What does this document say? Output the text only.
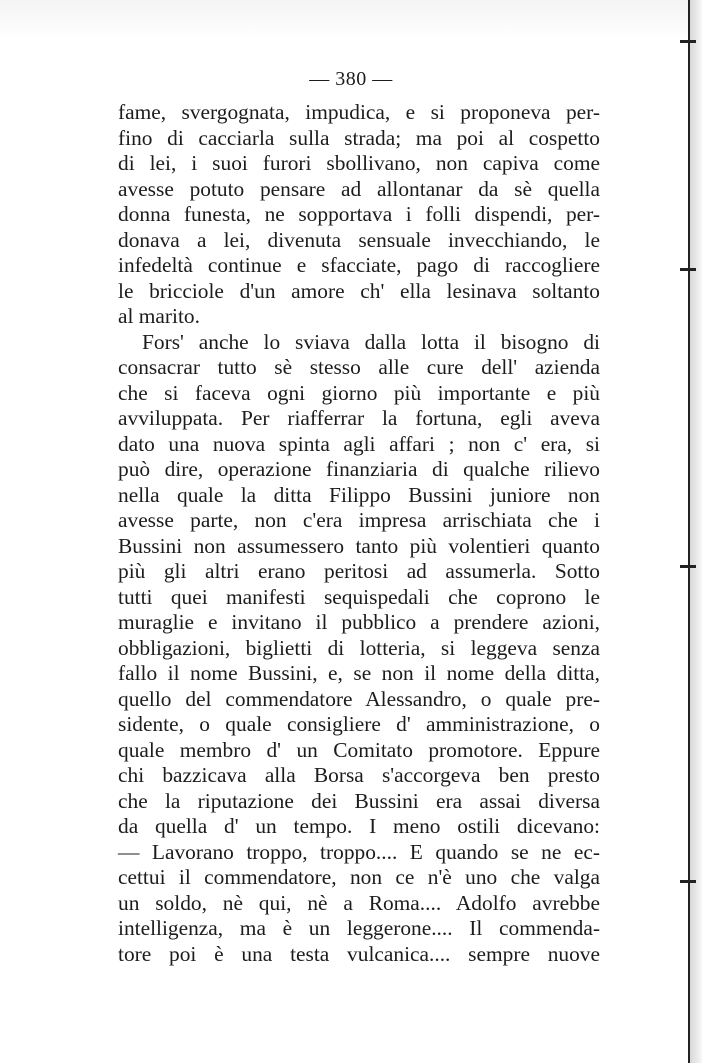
— 380 —
fame, svergognata, impudica, e si proponeva per-
fino di cacciarla sulla strada; ma poi al cospetto
di lei, i suoi furori sbollivano, non capiva come
avesse potuto pensare ad allontanar da sè quella
donna funesta, ne sopportava i folli dispendi, per-
donava a lei, divenuta sensuale invecchiando, le
infedeltà continue e sfacciate, pago di raccogliere
le bricciole d'un amore ch' ella lesinava soltanto
al marito.
Fors' anche lo sviava dalla lotta il bisogno di
consacrar tutto sè stesso alle cure dell' azienda
che si faceva ogni giorno più importante e più
avviluppata. Per riafferrar la fortuna, egli aveva
dato una nuova spinta agli affari ; non c' era, si
può dire, operazione finanziaria di qualche rilievo
nella quale la ditta Filippo Bussini juniore non
avesse parte, non c'era impresa arrischiata che i
Bussini non assumessero tanto più volentieri quanto
più gli altri erano peritosi ad assumerla. Sotto
tutti quei manifesti sequispedali che coprono le
muraglie e invitano il pubblico a prendere azioni,
obbligazioni, biglietti di lotteria, si leggeva senza
fallo il nome Bussini, e, se non il nome della ditta,
quello del commendatore Alessandro, o quale pre-
sidente, o quale consigliere d' amministrazione, o
quale membro d' un Comitato promotore. Eppure
chi bazzicava alla Borsa s'accorgeva ben presto
che la riputazione dei Bussini era assai diversa
da quella d' un tempo. I meno ostili dicevano:
— Lavorano troppo, troppo.... E quando se ne ec-
cettui il commendatore, non ce n'è uno che valga
un soldo, nè qui, nè a Roma.... Adolfo avrebbe
intelligenza, ma è un leggerone.... Il commenda-
tore poi è una testa vulcanica.... sempre nuove
